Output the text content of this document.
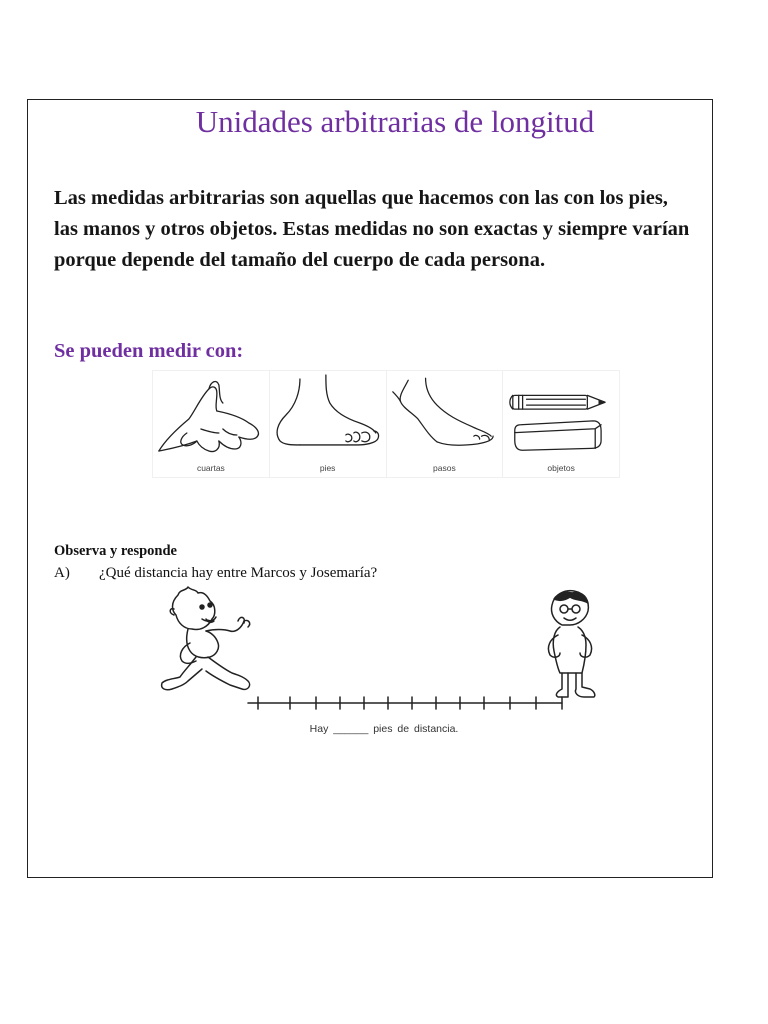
Unidades arbitrarias de longitud

Las medidas arbitrarias son aquellas que hacemos con las con los pies, las manos y otros objetos. Estas medidas no son exactas y siempre varían porque depende del tamaño del cuerpo de cada persona.

Se pueden medir con:

cuartas	pies	pasos	objetos

Observa y responde

A)	¿Qué distancia hay entre Marcos y Josemaría?

Hay ______ pies de distancia.
